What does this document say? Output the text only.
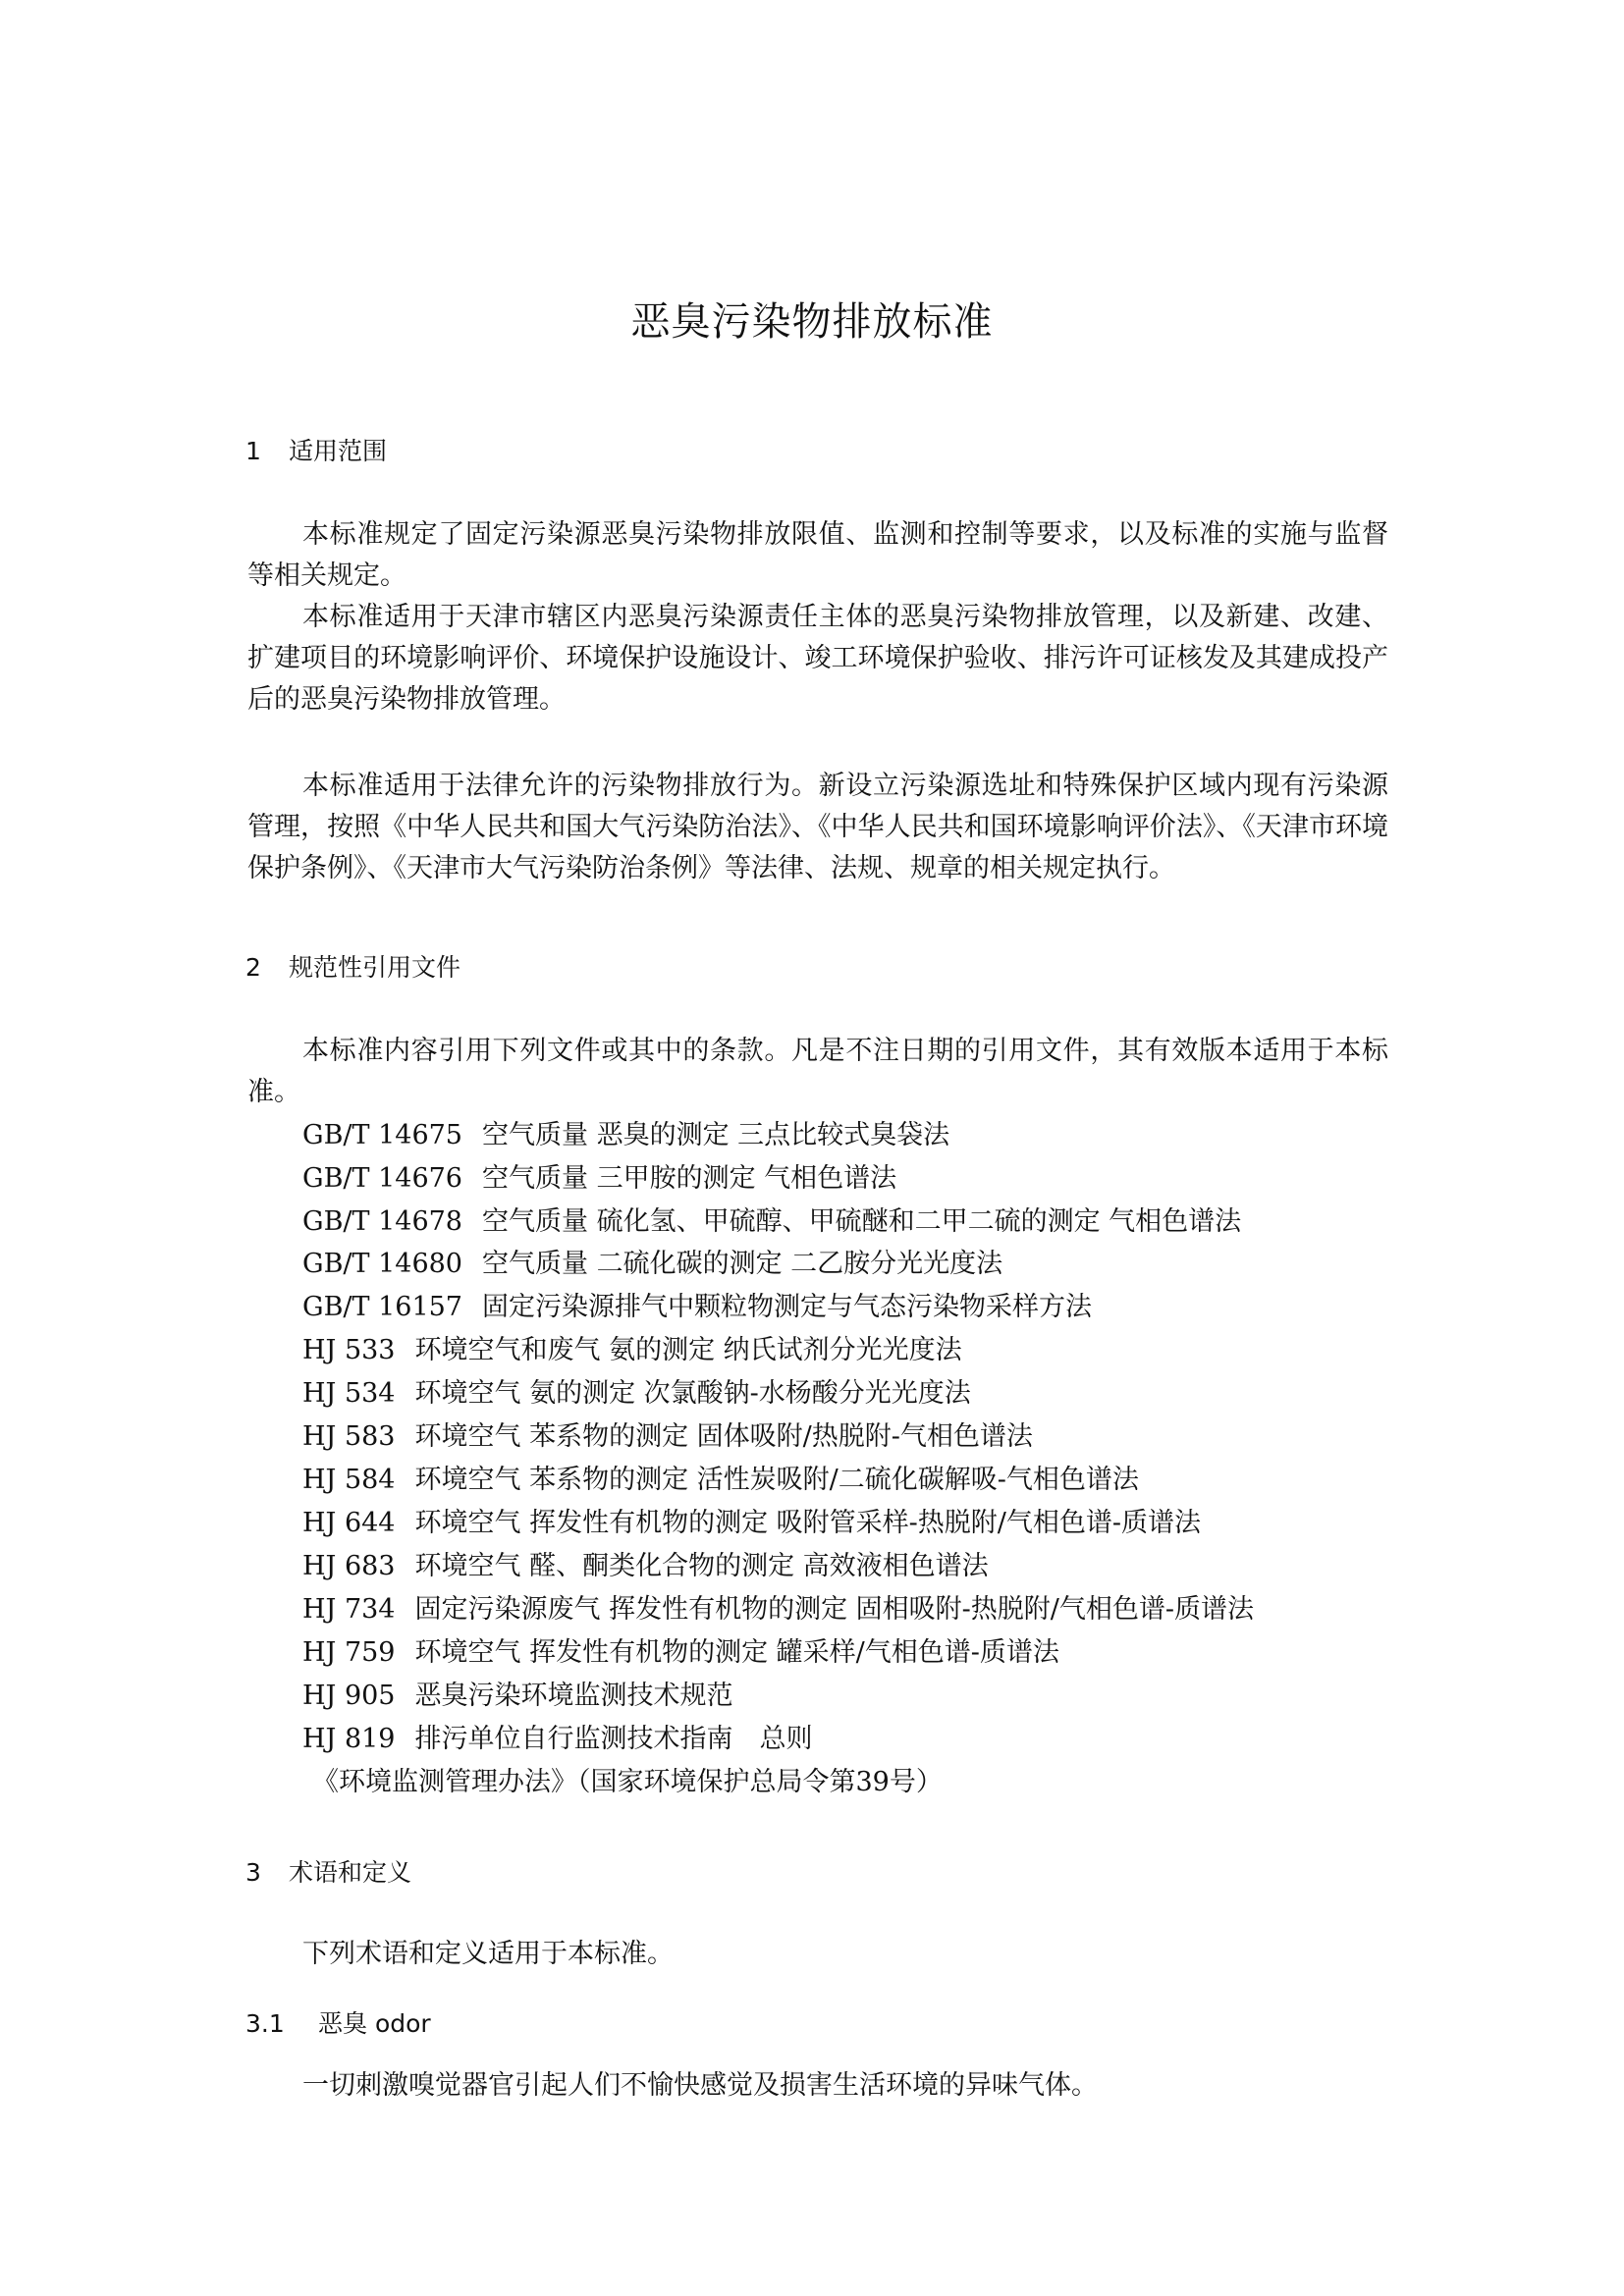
恶臭污染物排放标准
1 适用范围
本标准规定了固定污染源恶臭污染物排放限值、监测和控制等要求，以及标准的实施与监督等相关规定。
本标准适用于天津市辖区内恶臭污染源责任主体的恶臭污染物排放管理，以及新建、改建、扩建项目的环境影响评价、环境保护设施设计、竣工环境保护验收、排污许可证核发及其建成投产后的恶臭污染物排放管理。
本标准适用于法律允许的污染物排放行为。新设立污染源选址和特殊保护区域内现有污染源管理，按照《中华人民共和国大气污染防治法》、《中华人民共和国环境影响评价法》、《天津市环境保护条例》、《天津市大气污染防治条例》等法律、法规、规章的相关规定执行。
2 规范性引用文件
本标准内容引用下列文件或其中的条款。凡是不注日期的引用文件，其有效版本适用于本标准。
GB/T 14675 空气质量 恶臭的测定 三点比较式臭袋法
GB/T 14676 空气质量 三甲胺的测定 气相色谱法
GB/T 14678 空气质量 硫化氢、甲硫醇、甲硫醚和二甲二硫的测定 气相色谱法
GB/T 14680 空气质量 二硫化碳的测定 二乙胺分光光度法
GB/T 16157 固定污染源排气中颗粒物测定与气态污染物采样方法
HJ 533 环境空气和废气 氨的测定 纳氏试剂分光光度法
HJ 534 环境空气 氨的测定 次氯酸钠-水杨酸分光光度法
HJ 583 环境空气 苯系物的测定 固体吸附/热脱附-气相色谱法
HJ 584 环境空气 苯系物的测定 活性炭吸附/二硫化碳解吸-气相色谱法
HJ 644 环境空气 挥发性有机物的测定 吸附管采样-热脱附/气相色谱-质谱法
HJ 683 环境空气 醛、酮类化合物的测定 高效液相色谱法
HJ 734 固定污染源废气 挥发性有机物的测定 固相吸附-热脱附/气相色谱-质谱法
HJ 759 环境空气 挥发性有机物的测定 罐采样/气相色谱-质谱法
HJ 905 恶臭污染环境监测技术规范
HJ 819 排污单位自行监测技术指南　总则
《环境监测管理办法》（国家环境保护总局令第39号）
3 术语和定义
下列术语和定义适用于本标准。
3.1 恶臭 odor
一切刺激嗅觉器官引起人们不愉快感觉及损害生活环境的异味气体。
